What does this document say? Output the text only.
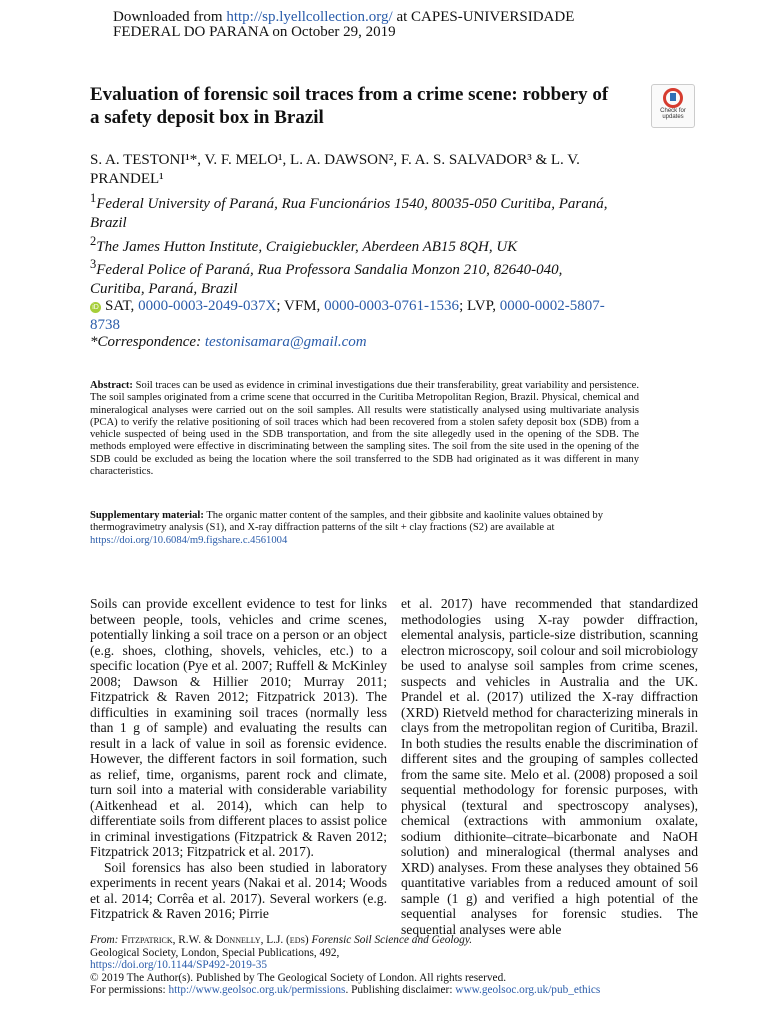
Downloaded from http://sp.lyellcollection.org/ at CAPES-UNIVERSIDADE FEDERAL DO PARANA on October 29, 2019
Evaluation of forensic soil traces from a crime scene: robbery of a safety deposit box in Brazil	Check for
updates
S. A. TESTONI¹*, V. F. MELO¹, L. A. DAWSON², F. A. S. SALVADOR³ & L. V. PRANDEL¹
$^1$Federal University of Paraná, Rua Funcionários 1540, 80035-050 Curitiba, Paraná, Brazil
$^2$The James Hutton Institute, Craigiebuckler, Aberdeen AB15 8QH, UK
$^3$Federal Police of Paraná, Rua Professora Sandalia Monzon 210, 82640-040, Curitiba, Paraná, Brazil
iD SAT, 0000-0003-2049-037X; VFM, 0000-0003-0761-1536; LVP, 0000-0002-5807-8738
*Correspondence: testonisamara@gmail.com
Abstract: Soil traces can be used as evidence in criminal investigations due their transferability, great variability and persistence. The soil samples originated from a crime scene that occurred in the Curitiba Metropolitan Region, Brazil. Physical, chemical and mineralogical analyses were carried out on the soil samples. All results were statistically analysed using multivariate analysis (PCA) to verify the relative positioning of soil traces which had been recovered from a stolen safety deposit box (SDB) from a vehicle suspected of being used in the SDB transportation, and from the site allegedly used in the opening of the SDB. The methods employed were effective in discriminating between the sampling sites. The soil from the site used in the opening of the SDB could be excluded as being the location where the soil transferred to the SDB had originated as it was different in many characteristics.
Supplementary material: The organic matter content of the samples, and their gibbsite and kaolinite values obtained by thermogravimetry analysis (S1), and X-ray diffraction patterns of the silt + clay fractions (S2) are available at https://doi.org/10.6084/m9.figshare.c.4561004

Soils can provide excellent evidence to test for links between people, tools, vehicles and crime scenes, potentially linking a soil trace on a person or an object (e.g. shoes, clothing, shovels, vehicles, etc.) to a specific location (Pye et al. 2007; Ruffell & McKinley 2008; Dawson & Hillier 2010; Murray 2011; Fitzpatrick & Raven 2012; Fitzpatrick 2013). The difficulties in examining soil traces (normally less than 1 g of sample) and evaluating the results can result in a lack of value in soil as forensic evidence. However, the different factors in soil formation, such as relief, time, organisms, parent rock and climate, turn soil into a material with considerable variability (Aitkenhead et al. 2014), which can help to differentiate soils from different places to assist police in criminal investigations (Fitzpatrick & Raven 2012; Fitzpatrick 2013; Fitzpatrick et al. 2017).

Soil forensics has also been studied in laboratory experiments in recent years (Nakai et al. 2014; Woods et al. 2014; Corrêa et al. 2017). Several workers (e.g. Fitzpatrick & Raven 2016; Pirrie

et al. 2017) have recommended that standardized methodologies using X-ray powder diffraction, elemental analysis, particle-size distribution, scanning electron microscopy, soil colour and soil microbiology be used to analyse soil samples from crime scenes, suspects and vehicles in Australia and the UK. Prandel et al. (2017) utilized the X-ray diffraction (XRD) Rietveld method for characterizing minerals in clays from the metropolitan region of Curitiba, Brazil. In both studies the results enable the discrimination of different sites and the grouping of samples collected from the same site. Melo et al. (2008) proposed a soil sequential methodology for forensic purposes, with physical (textural and spectroscopy analyses), chemical (extractions with ammonium oxalate, sodium dithionite–citrate–bicarbonate and NaOH solution) and mineralogical (thermal analyses and XRD) analyses. From these analyses they obtained 56 quantitative variables from a reduced amount of soil sample (1 g) and verified a high potential of the sequential analyses for forensic studies. The sequential analyses were able

From: Fitzpatrick, R.W. & Donnelly, L.J. (eds) Forensic Soil Science and Geology.
Geological Society, London, Special Publications, 492,
https://doi.org/10.1144/SP492-2019-35
© 2019 The Author(s). Published by The Geological Society of London. All rights reserved.
For permissions: http://www.geolsoc.org.uk/permissions. Publishing disclaimer: www.geolsoc.org.uk/pub_ethics
